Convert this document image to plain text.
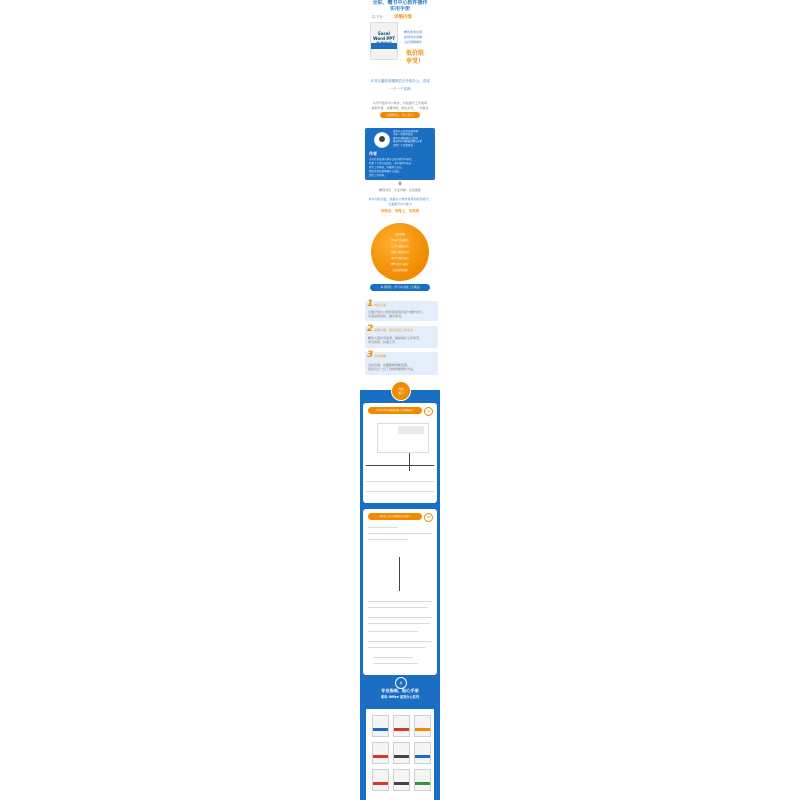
全彩、赠书中心软件操作
实用手册
以下为	详细内容
Excel Word PPT
精选典型实例
视频同步讲解
全彩图解操作
低价限
享受！
本书以通俗易懂的语言介绍办公，讲述
一个一个实例
从零开始学办公软件，轻松提升工作效率
案例丰富，步骤详细，图文并茂，一学就会
立即购买，马上学习
资深办公软件培训讲师
多年一线教学经验
著有多部畅销办公图书
擅长Excel数据处理与分析
深受广大读者喜爱
作者
本书作者长期从事办公软件教学与研究，
积累了大量实战经验，书中案例均来自
真实工作场景，讲解深入浅出，
帮助读者快速掌握办公技能，
提高工作效率。
0
精选内容 · 专业讲解 · 实战演练
本书内容全面，涵盖办公软件常用功能和技巧，
全面提升办公能力
学得会、用得上、有效果
全彩印刷
Excel 基础操作
公式与函数应用
图表与数据分析
Word 排版技巧
PPT 设计与演示
实战案例讲解
本书特色 · 学习本书的三大理由
1 内容全面
全面介绍办公软件的常用功能与操作技巧，
从基础到进阶，循序渐进。
2 案例丰富，贴近实际工作需求
精选大量实用案例，模拟真实工作场景，
学以致用，快速上手。
3 全彩图解
全彩印刷，步骤图解清晰直观，
读者可以一目了然地掌握操作方法。
内容
展示
第1章 Excel数据的输入与编辑技巧	01
第2章 公式与函数的应用技巧	02
推
专业指南、贴心手册
职场 Office 高效办公系列
